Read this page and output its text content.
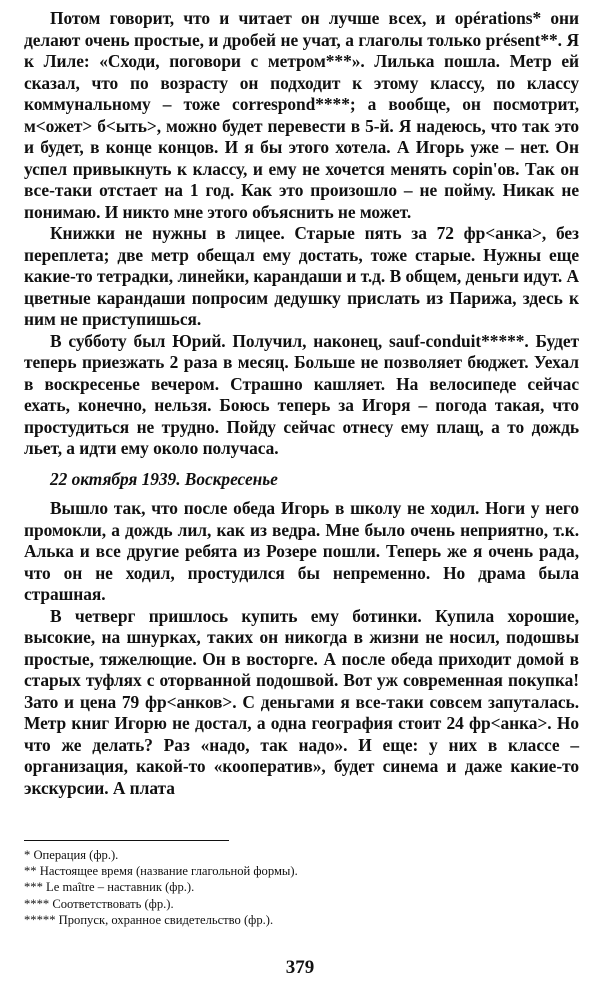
Потом говорит, что и читает он лучше всех, и opérations* они делают очень простые, и дробей не учат, а глаголы только présent**. Я к Лиле: «Сходи, поговори с метром***». Лилька пошла. Метр ей сказал, что по возрасту он подходит к этому классу, по классу коммунальному – тоже correspond****; а вообще, он посмотрит, м<ожет> б<ыть>, можно будет перевести в 5-й. Я надеюсь, что так это и будет, в конце концов. И я бы этого хотела. А Игорь уже – нет. Он успел привыкнуть к классу, и ему не хочется менять copin'ов. Так он все-таки отстает на 1 год. Как это произошло – не пойму. Никак не понимаю. И никто мне этого объяснить не может.

Книжки не нужны в лицее. Старые пять за 72 фр<анка>, без переплета; две метр обещал ему достать, тоже старые. Нужны еще какие-то тетрадки, линейки, карандаши и т.д. В общем, деньги идут. А цветные карандаши попросим дедушку прислать из Парижа, здесь к ним не приступишься.

В субботу был Юрий. Получил, наконец, sauf-conduit*****. Будет теперь приезжать 2 раза в месяц. Больше не позволяет бюджет. Уехал в воскресенье вечером. Страшно кашляет. На велосипеде сейчас ехать, конечно, нельзя. Боюсь теперь за Игоря – погода такая, что простудиться не трудно. Пойду сейчас отнесу ему плащ, а то дождь льет, а идти ему около получаса.

22 октября 1939. Воскресенье

Вышло так, что после обеда Игорь в школу не ходил. Ноги у него промокли, а дождь лил, как из ведра. Мне было очень неприятно, т.к. Алька и все другие ребята из Розере пошли. Теперь же я очень рада, что он не ходил, простудился бы непременно. Но драма была страшная.

В четверг пришлось купить ему ботинки. Купила хорошие, высокие, на шнурках, таких он никогда в жизни не носил, подошвы простые, тяжелющие. Он в восторге. А после обеда приходит домой в старых туфлях с оторванной подошвой. Вот уж современная покупка! Зато и цена 79 фр<анков>. С деньгами я все-таки совсем запуталась. Метр книг Игорю не достал, а одна география стоит 24 фр<анка>. Но что же делать? Раз «надо, так надо». И еще: у них в классе – организация, какой-то «кооператив», будет синема и даже какие-то экскурсии. А плата

* Операция (фр.).
** Настоящее время (название глагольной формы).
*** Le maître – наставник (фр.).
**** Соответствовать (фр.).
***** Пропуск, охранное свидетельство (фр.).
379
